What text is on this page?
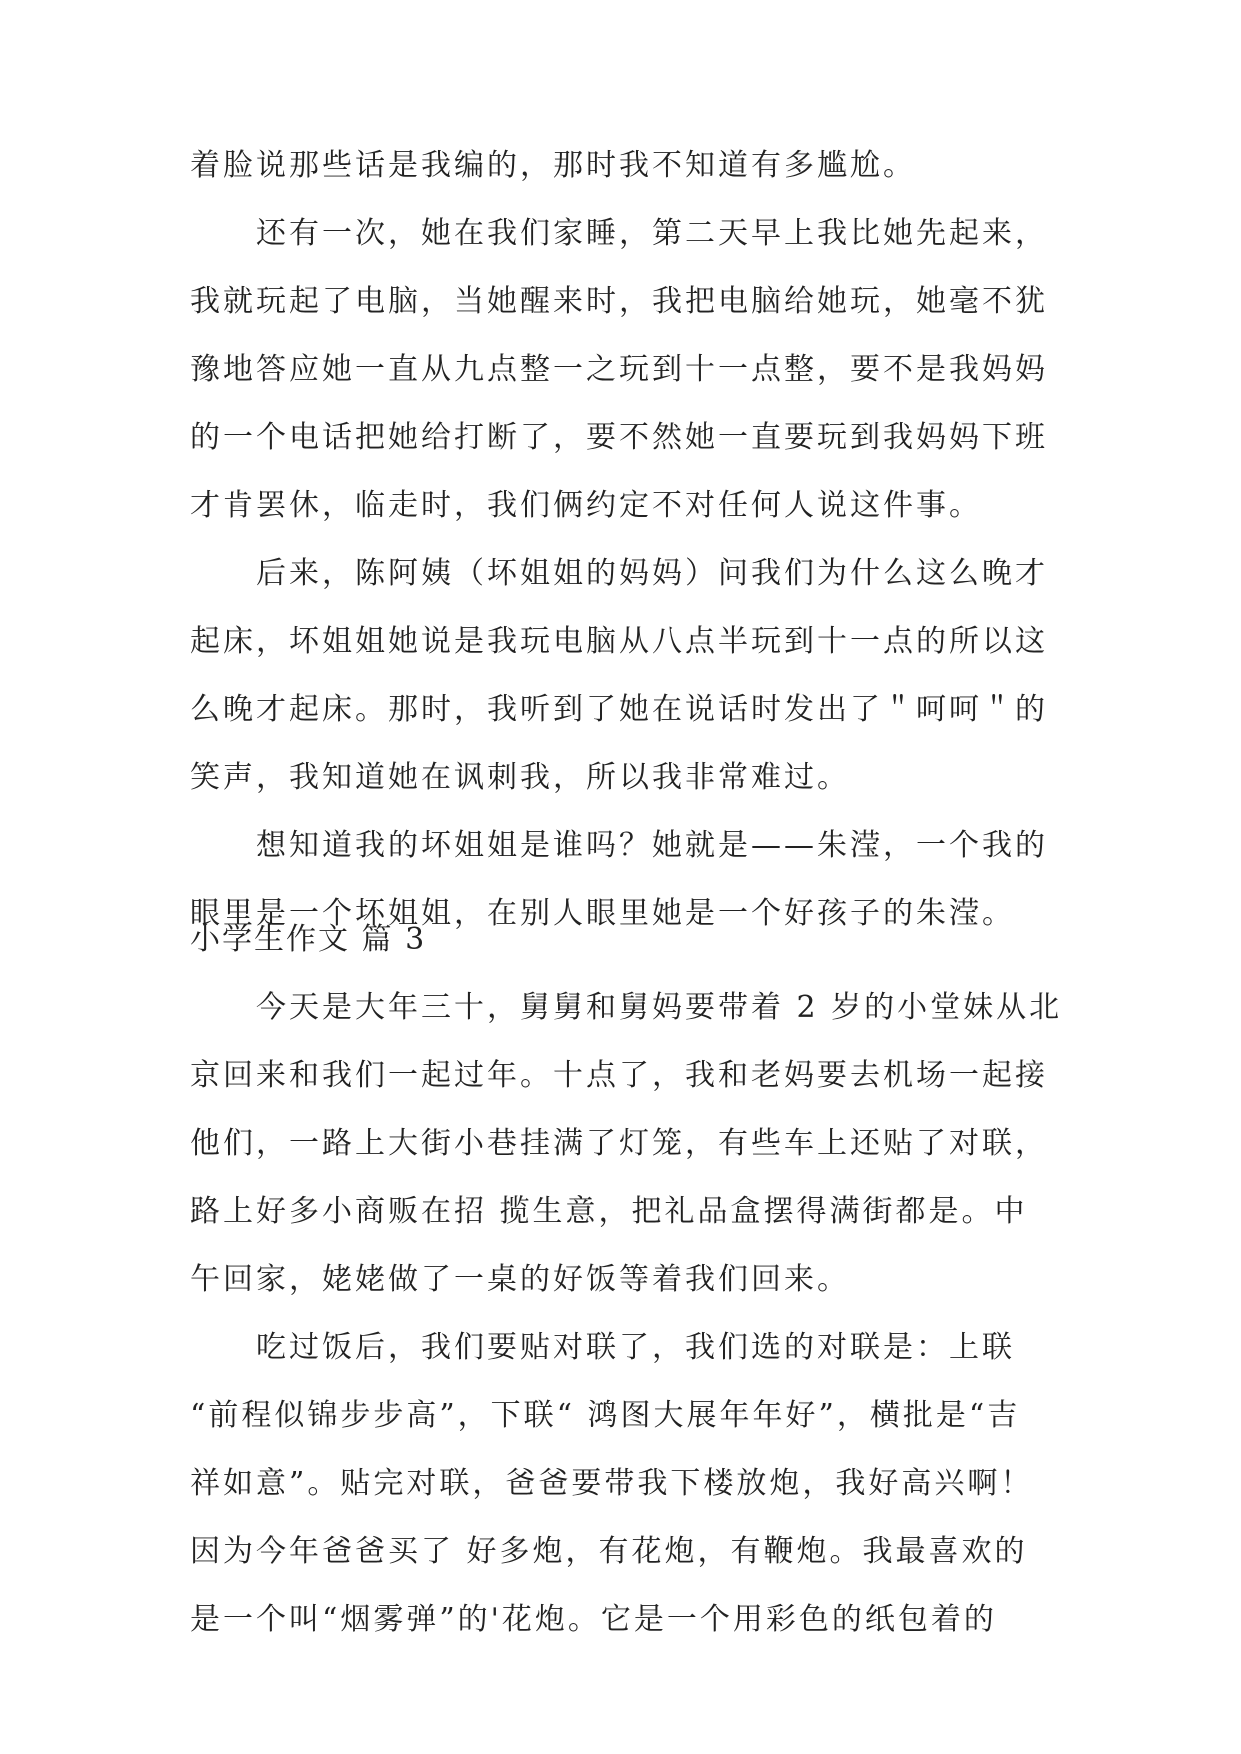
着脸说那些话是我编的，那时我不知道有多尴尬。
　　还有一次，她在我们家睡，第二天早上我比她先起来，
我就玩起了电脑，当她醒来时，我把电脑给她玩，她毫不犹
豫地答应她一直从九点整一之玩到十一点整，要不是我妈妈
的一个电话把她给打断了，要不然她一直要玩到我妈妈下班
才肯罢休，临走时，我们俩约定不对任何人说这件事。
　　后来，陈阿姨（坏姐姐的妈妈）问我们为什么这么晚才
起床，坏姐姐她说是我玩电脑从八点半玩到十一点的所以这
么晚才起床。那时，我听到了她在说话时发出了＂呵呵＂的
笑声，我知道她在讽刺我，所以我非常难过。
　　想知道我的坏姐姐是谁吗？她就是——朱滢，一个我的
眼里是一个坏姐姐，在别人眼里她是一个好孩子的朱滢。
小学生作文 篇 3
　　今天是大年三十，舅舅和舅妈要带着 2 岁的小堂妹从北
京回来和我们一起过年。十点了，我和老妈要去机场一起接
他们，一路上大街小巷挂满了灯笼，有些车上还贴了对联，
路上好多小商贩在招 揽生意，把礼品盒摆得满街都是。中
午回家，姥姥做了一桌的好饭等着我们回来。
　　吃过饭后，我们要贴对联了，我们选的对联是：上联
“前程似锦步步高”，下联“ 鸿图大展年年好”，横批是“吉
祥如意”。贴完对联，爸爸要带我下楼放炮，我好高兴啊！
因为今年爸爸买了 好多炮，有花炮，有鞭炮。我最喜欢的
是一个叫“烟雾弹”的'花炮。它是一个用彩色的纸包着的
